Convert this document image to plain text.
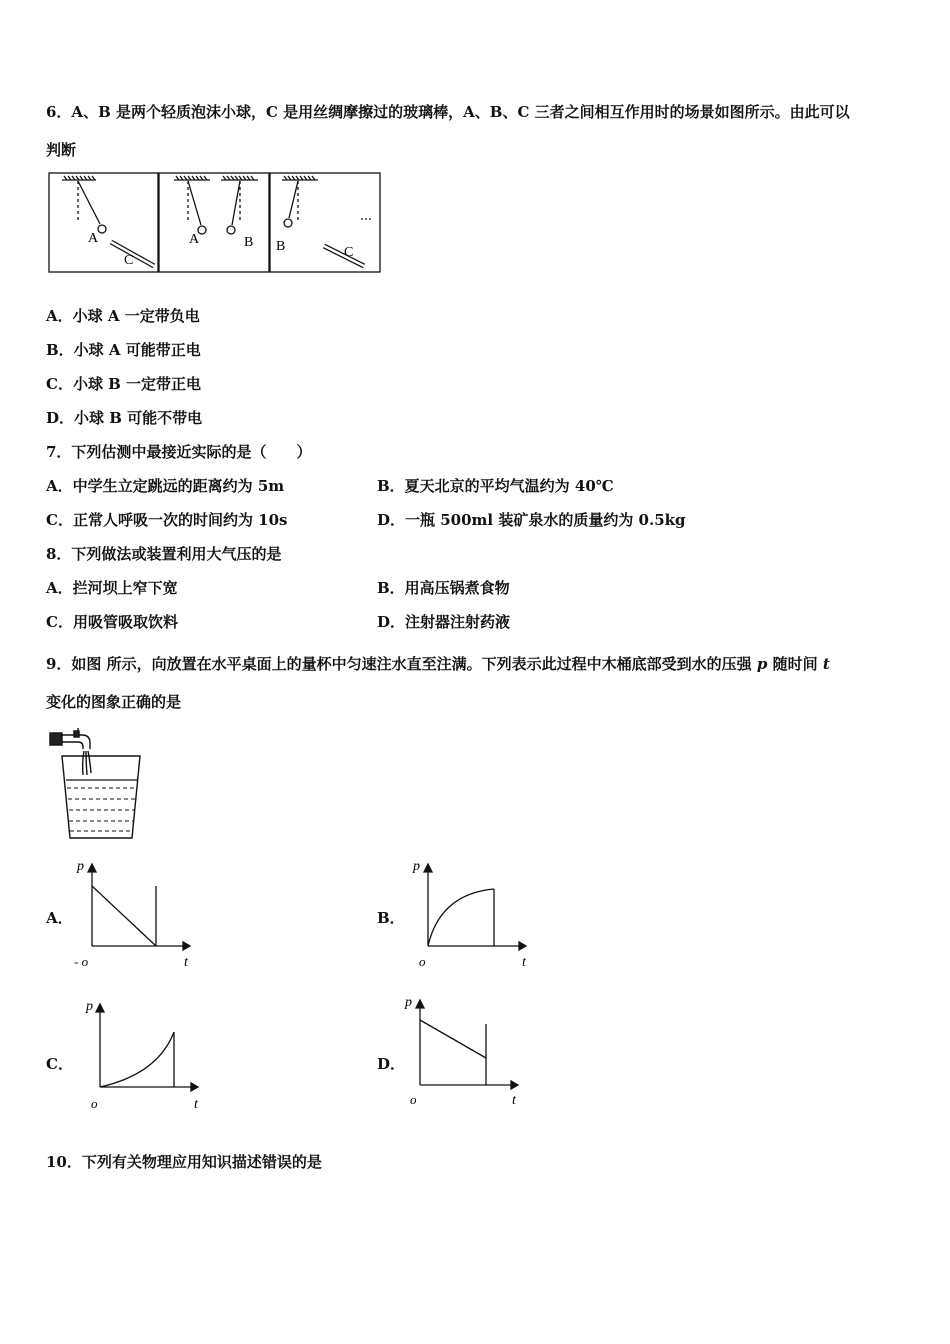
6．A、B 是两个轻质泡沫小球，C 是用丝绸摩擦过的玻璃棒，A、B、C 三者之间相互作用时的场景如图所示。由此可以
判断
A
C
A	B B	C
A．小球 A 一定带负电
B．小球 A 可能带正电
C．小球 B 一定带正电
D．小球 B 可能不带电
7．下列估测中最接近实际的是（　　）
A．中学生立定跳远的距离约为 5m	B．夏天北京的平均气温约为 40℃
C．正常人呼吸一次的时间约为 10s	D．一瓶 500ml 装矿泉水的质量约为 0.5kg
8．下列做法或装置利用大气压的是
A．拦河坝上窄下宽	B．用高压锅煮食物
C．用吸管吸取饮料	D．注射器注射药液
9．如图 所示，向放置在水平桌面上的量杯中匀速注水直至注满。下列表示此过程中木桶底部受到水的压强 p 随时间 t
变化的图象正确的是
A．
p
- o	t
B．
p
o	t
C．
p
o	t
D．
p
o	t
10．下列有关物理应用知识描述错误的是
